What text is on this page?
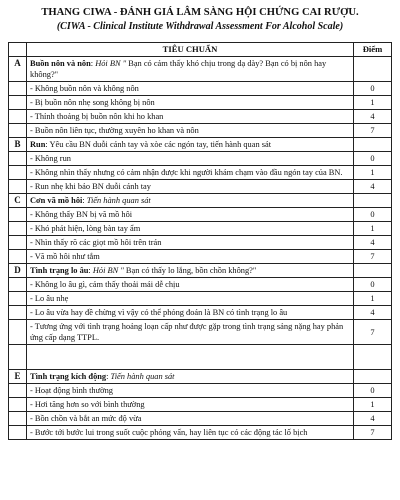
THANG CIWA - ĐÁNH GIÁ LÂM SÀNG HỘI CHỨNG CAI RƯỢU.
(CIWA - Clinical Institute Withdrawal Assessment For Alcohol Scale)
	TIÊU CHUẨN	Điểm
A	Buồn nôn và nôn: Hỏi BN " Bạn có cảm thấy khó chịu trong dạ dày? Bạn có bị nôn hay không?"	
	- Không buồn nôn và không nôn	0
	- Bị buồn nôn nhẹ song không bị nôn	1
	- Thỉnh thoảng bị buồn nôn khi ho khan	4
	- Buồn nôn liên tục, thường xuyên ho khan và nôn	7
B	Run: Yêu cầu BN duỗi cánh tay và xòe các ngón tay, tiến hành quan sát	
	- Không run	0
	- Không nhìn thấy nhưng có cảm nhận được khi người khám chạm vào đầu ngón tay của BN.	1
	- Run nhẹ khi bảo BN duỗi cánh tay	4
C	Cơn vã mồ hôi: Tiến hành quan sát	
	- Không thấy BN bị vã mồ hôi	0
	- Khó phát hiện, lòng bàn tay ẩm	1
	- Nhìn thấy rõ các giọt mồ hôi trên trán	4
	- Vã mồ hôi như tắm	7
D	Tình trạng lo âu: Hỏi BN " Bạn có thấy lo lắng, bồn chồn không?"	
	- Không lo âu gì, cảm thấy thoải mái dễ chịu	0
	- Lo âu nhẹ	1
	- Lo âu vừa hay đề chừng vì vậy có thể phỏng đoán là BN có tình trạng lo âu	4
	- Tương ứng với tình trạng hoảng loạn cấp như được gặp trong tình trạng sảng nặng hay phản ứng cấp dạng TTPL.	7

E	Tình trạng kích động: Tiến hành quan sát	
	- Hoạt động bình thường	0
	- Hơi tăng hơn so với bình thường	1
	- Bồn chồn và bắt an mức độ vừa	4
	- Bước tới bước lui trong suốt cuộc phỏng vấn, hay liên tục có các động tác lố bịch	7
